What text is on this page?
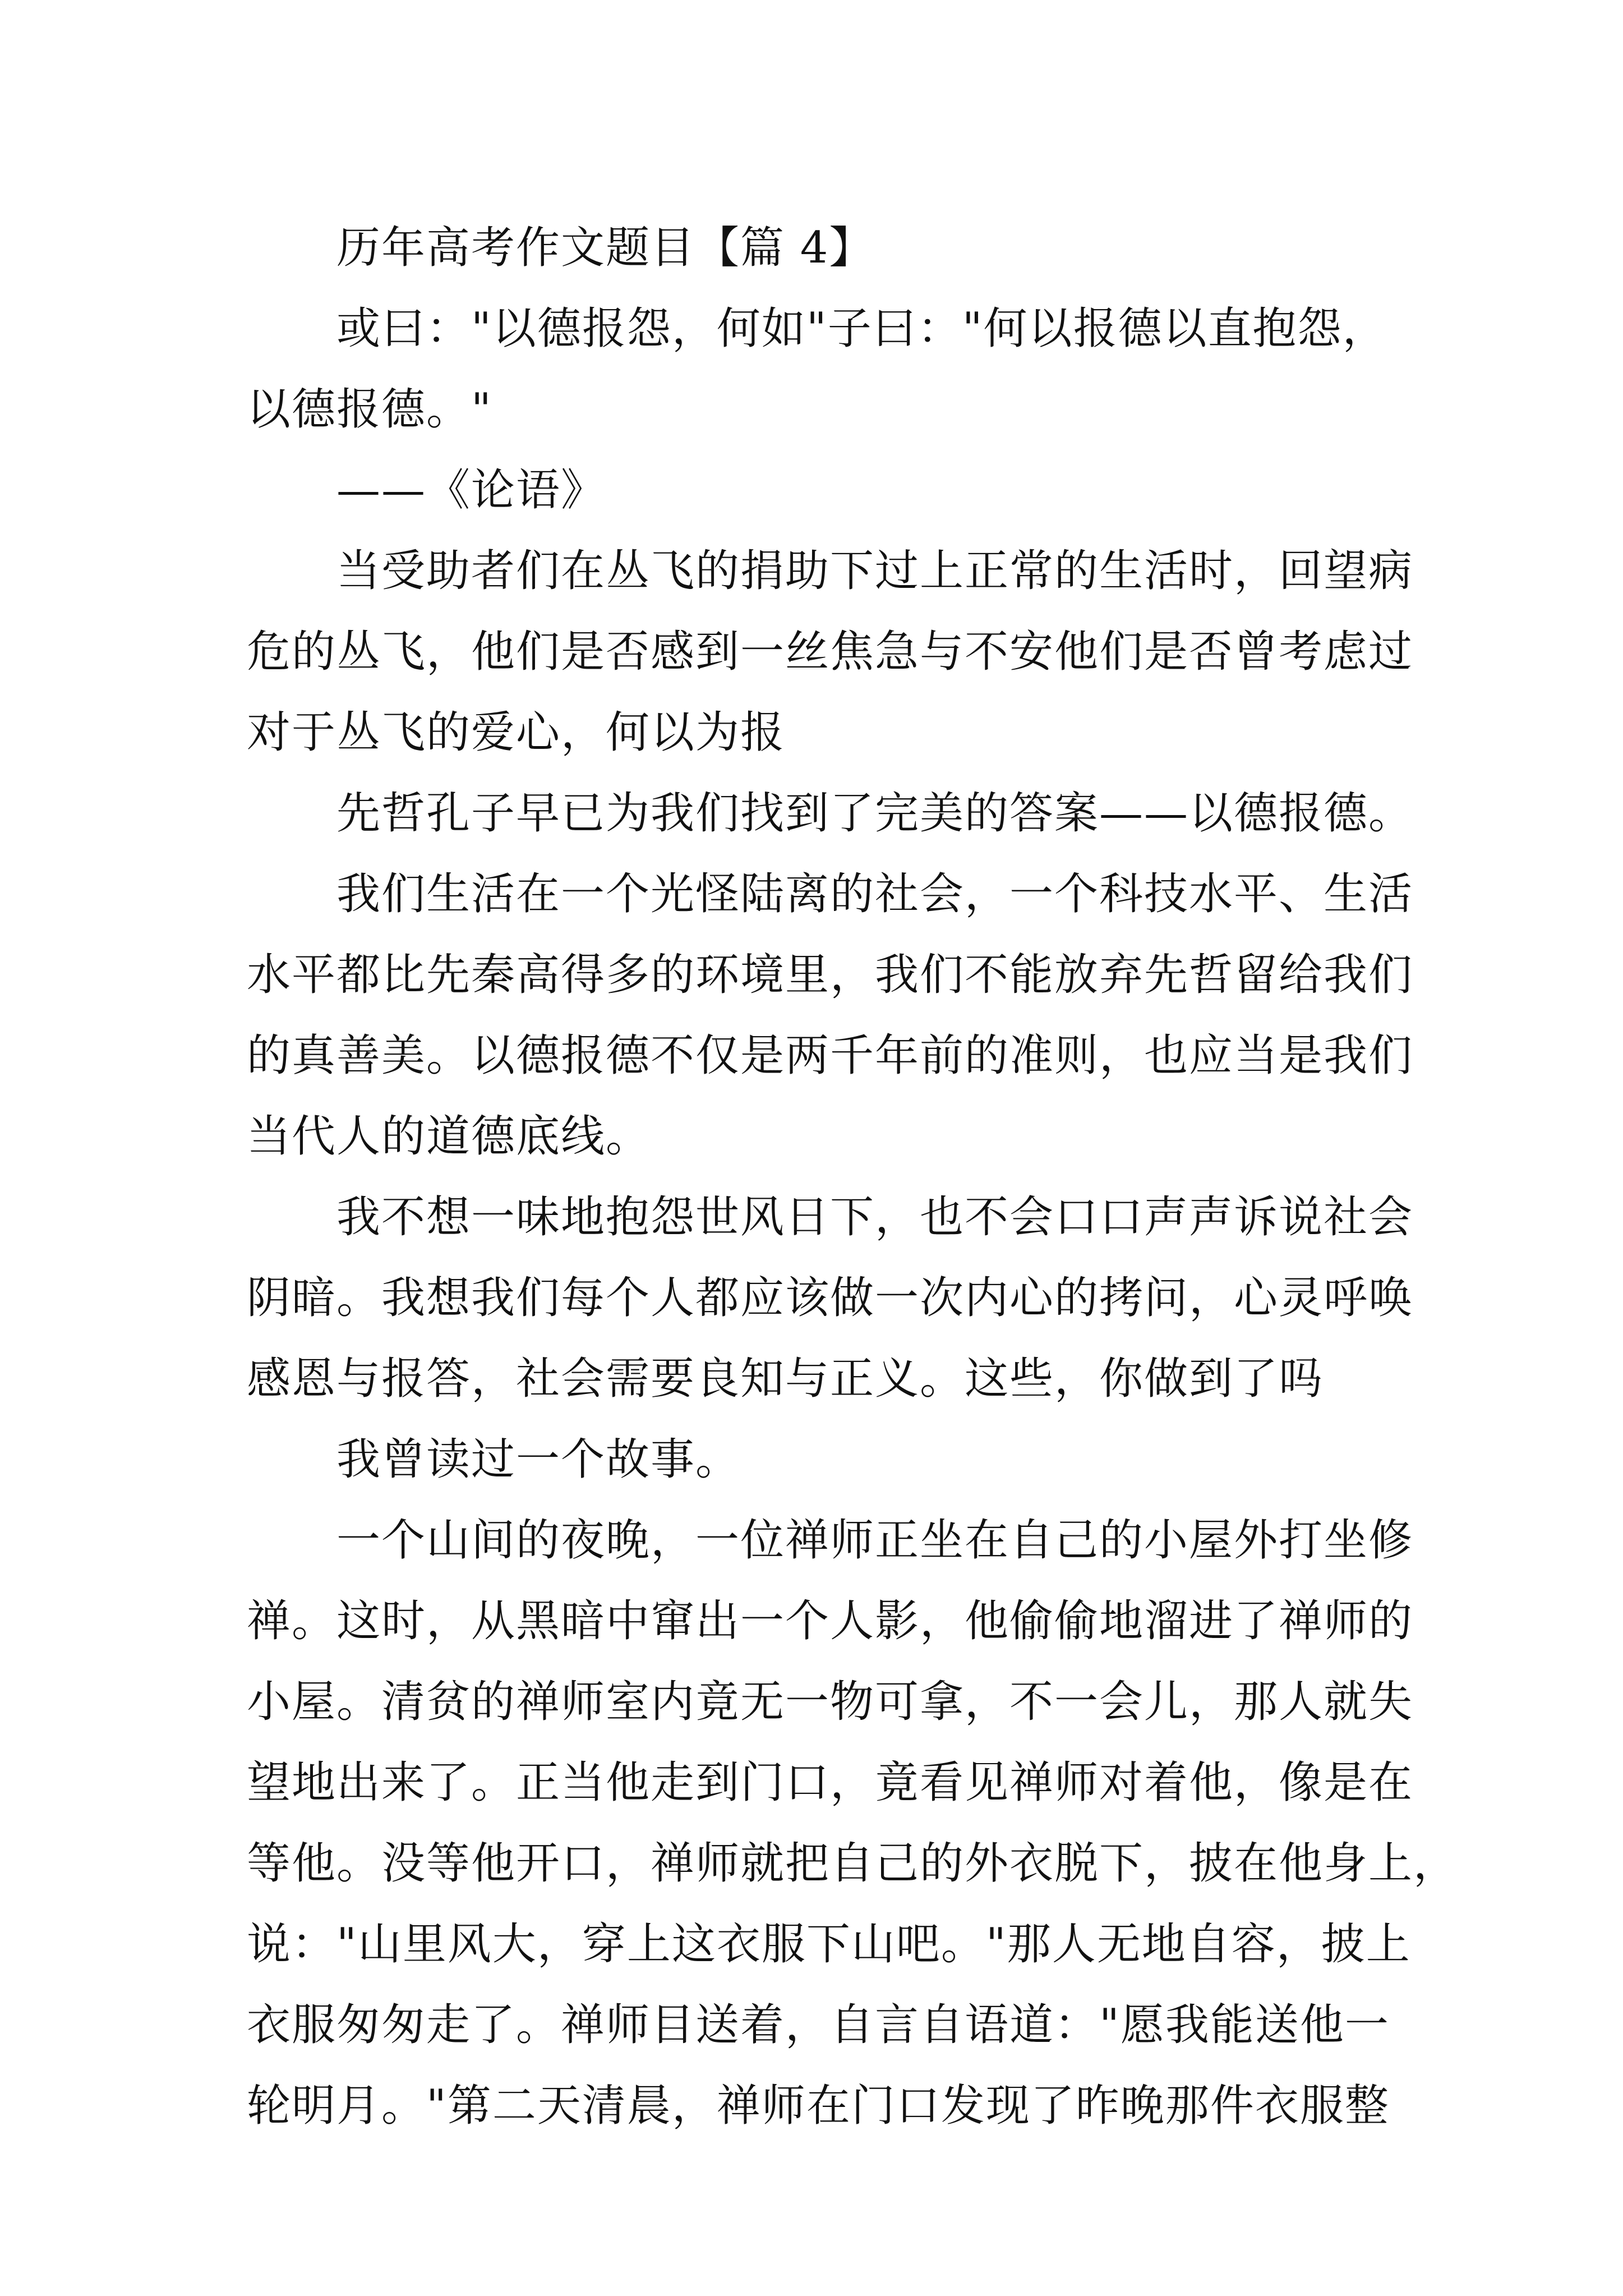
历年高考作文题目【篇 4】
或曰："以德报怨，何如"子曰："何以报德以直抱怨，
以德报德。"
——《论语》
当受助者们在丛飞的捐助下过上正常的生活时，回望病
危的丛飞，他们是否感到一丝焦急与不安他们是否曾考虑过
对于丛飞的爱心，何以为报
先哲孔子早已为我们找到了完美的答案——以德报德。
我们生活在一个光怪陆离的社会，一个科技水平、生活
水平都比先秦高得多的环境里，我们不能放弃先哲留给我们
的真善美。以德报德不仅是两千年前的准则，也应当是我们
当代人的道德底线。
我不想一味地抱怨世风日下，也不会口口声声诉说社会
阴暗。我想我们每个人都应该做一次内心的拷问，心灵呼唤
感恩与报答，社会需要良知与正义。这些，你做到了吗
我曾读过一个故事。
一个山间的夜晚，一位禅师正坐在自己的小屋外打坐修
禅。这时，从黑暗中窜出一个人影，他偷偷地溜进了禅师的
小屋。清贫的禅师室内竟无一物可拿，不一会儿，那人就失
望地出来了。正当他走到门口，竟看见禅师对着他，像是在
等他。没等他开口，禅师就把自己的外衣脱下，披在他身上，
说："山里风大，穿上这衣服下山吧。"那人无地自容，披上
衣服匆匆走了。禅师目送着，自言自语道："愿我能送他一
轮明月。"第二天清晨，禅师在门口发现了昨晚那件衣服整
